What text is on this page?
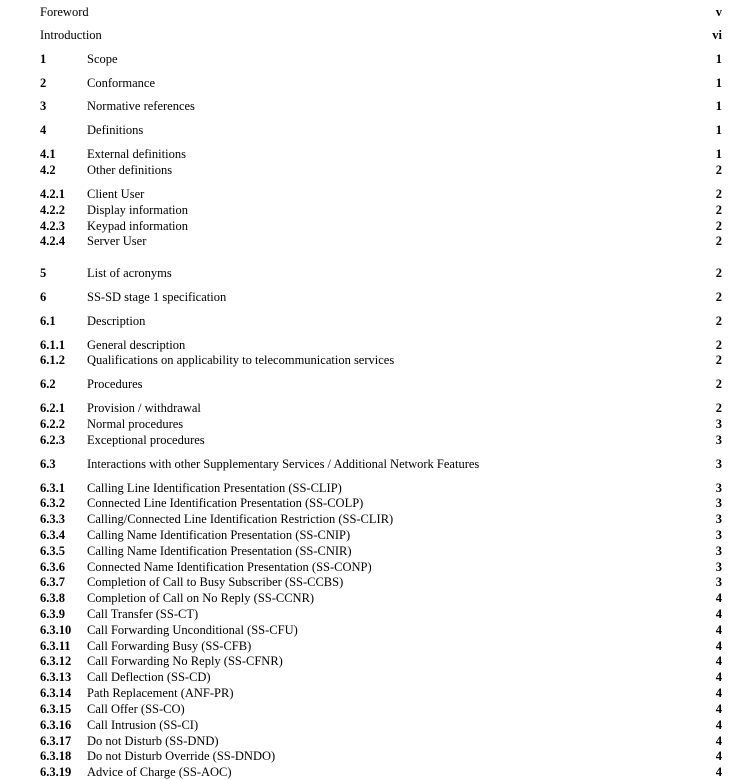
Foreword	v
Introduction	vi
1	Scope	1
2	Conformance	1
3	Normative references	1
4	Definitions	1
4.1	External definitions	1
4.2	Other definitions	2
4.2.1 Client User	2
4.2.2 Display information	2
4.2.3 Keypad information	2
4.2.4 Server User	2
5	List of acronyms	2
6	SS-SD stage 1 specification	2
6.1	Description	2
6.1.1 General description	2
6.1.2 Qualifications on applicability to telecommunication services	2
6.2	Procedures	2
6.2.1 Provision / withdrawal	2
6.2.2 Normal procedures	3
6.2.3 Exceptional procedures	3
6.3	Interactions with other Supplementary Services / Additional Network Features	3
6.3.1 Calling Line Identification Presentation (SS-CLIP)	3
6.3.2 Connected Line Identification Presentation (SS-COLP)	3
6.3.3 Calling/Connected Line Identification Restriction (SS-CLIR)	3
6.3.4 Calling Name Identification Presentation (SS-CNIP)	3
6.3.5 Calling Name Identification Presentation (SS-CNIR)	3
6.3.6 Connected Name Identification Presentation (SS-CONP)	3
6.3.7 Completion of Call to Busy Subscriber (SS-CCBS)	3
6.3.8 Completion of Call on No Reply (SS-CCNR)	4
6.3.9 Call Transfer (SS-CT)	4
6.3.10 Call Forwarding Unconditional (SS-CFU)	4
6.3.11 Call Forwarding Busy (SS-CFB)	4
6.3.12 Call Forwarding No Reply (SS-CFNR)	4
6.3.13 Call Deflection (SS-CD)	4
6.3.14 Path Replacement (ANF-PR)	4
6.3.15 Call Offer (SS-CO)	4
6.3.16 Call Intrusion (SS-CI)	4
6.3.17 Do not Disturb (SS-DND)	4
6.3.18 Do not Disturb Override (SS-DNDO)	4
6.3.19 Advice of Charge (SS-AOC)	4
